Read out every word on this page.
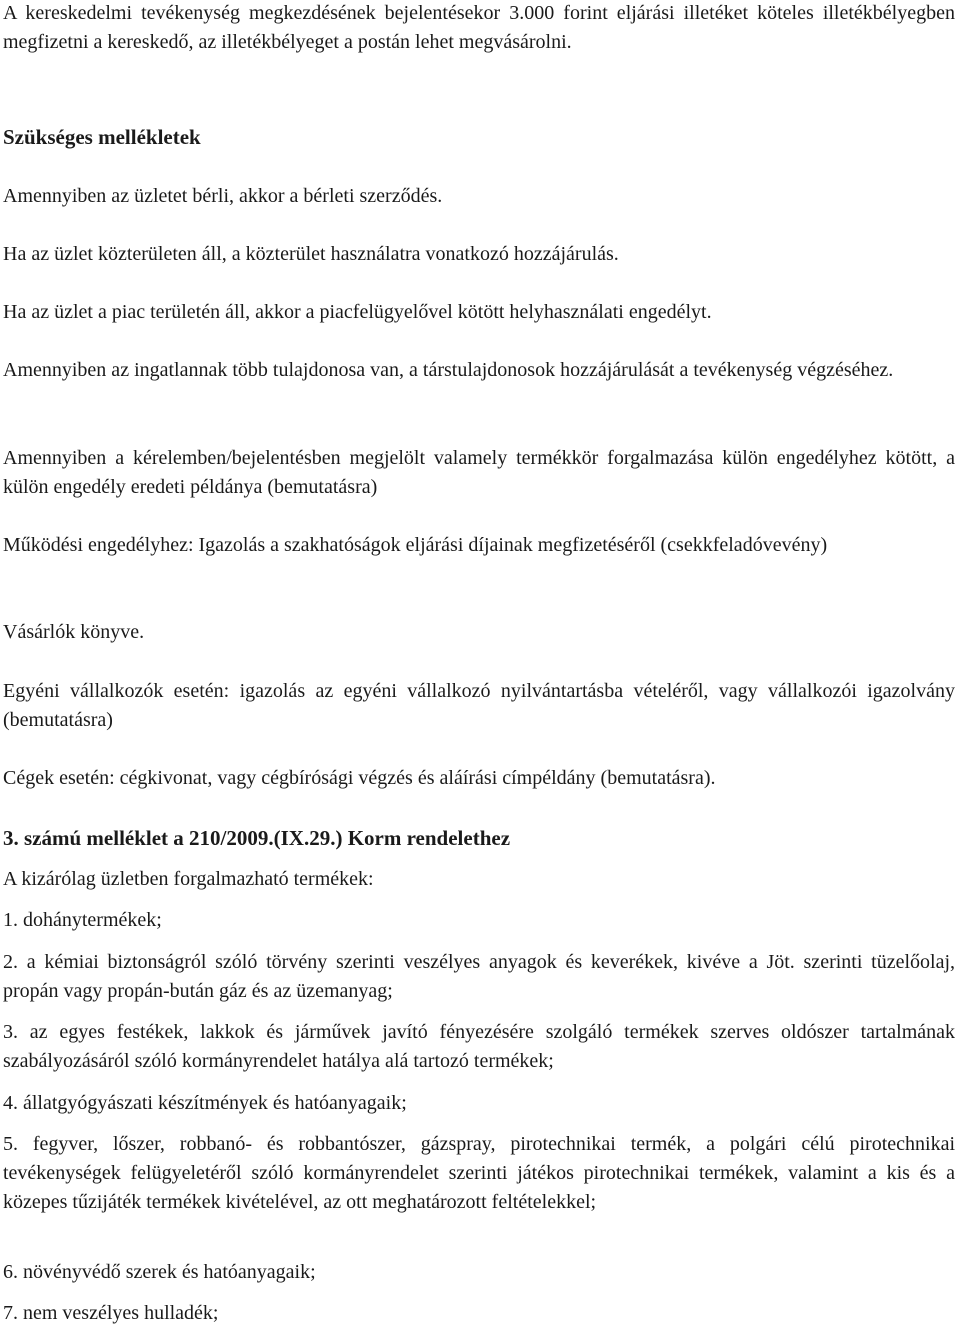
A kereskedelmi tevékenység megkezdésének bejelentésekor 3.000 forint eljárási illetéket köteles illetékbélyegben megfizetni a kereskedő, az illetékbélyeget a postán lehet megvásárolni.

Szükséges mellékletek

Amennyiben az üzletet bérli, akkor a bérleti szerződés.

Ha az üzlet közterületen áll, a közterület használatra vonatkozó hozzájárulás.

Ha az üzlet a piac területén áll, akkor a piacfelügyelővel kötött helyhasználati engedélyt.

Amennyiben az ingatlannak több tulajdonosa van, a társtulajdonosok hozzájárulását a tevékenység végzéséhez.

Amennyiben a kérelemben/bejelentésben megjelölt valamely termékkör forgalmazása külön engedélyhez kötött, a külön engedély eredeti példánya (bemutatásra)

Működési engedélyhez: Igazolás a szakhatóságok eljárási díjainak megfizetéséről (csekkfeladóvevény)

Vásárlók könyve.

Egyéni vállalkozók esetén: igazolás az egyéni vállalkozó nyilvántartásba vételéről, vagy vállalkozói igazolvány (bemutatásra)

Cégek esetén: cégkivonat, vagy cégbírósági végzés és aláírási címpéldány (bemutatásra).

3. számú melléklet a 210/2009.(IX.29.) Korm rendelethez

A kizárólag üzletben forgalmazható termékek:

1. dohánytermékek;

2. a kémiai biztonságról szóló törvény szerinti veszélyes anyagok és keverékek, kivéve a Jöt. szerinti tüzelőolaj, propán vagy propán-bután gáz és az üzemanyag;

3. az egyes festékek, lakkok és járművek javító fényezésére szolgáló termékek szerves oldószer tartalmának szabályozásáról szóló kormányrendelet hatálya alá tartozó termékek;

4. állatgyógyászati készítmények és hatóanyagaik;

5. fegyver, lőszer, robbanó- és robbantószer, gázspray, pirotechnikai termék, a polgári célú pirotechnikai tevékenységek felügyeletéről szóló kormányrendelet szerinti játékos pirotechnikai termékek, valamint a kis és a közepes tűzijáték termékek kivételével, az ott meghatározott feltételekkel;

6. növényvédő szerek és hatóanyagaik;

7. nem veszélyes hulladék;
